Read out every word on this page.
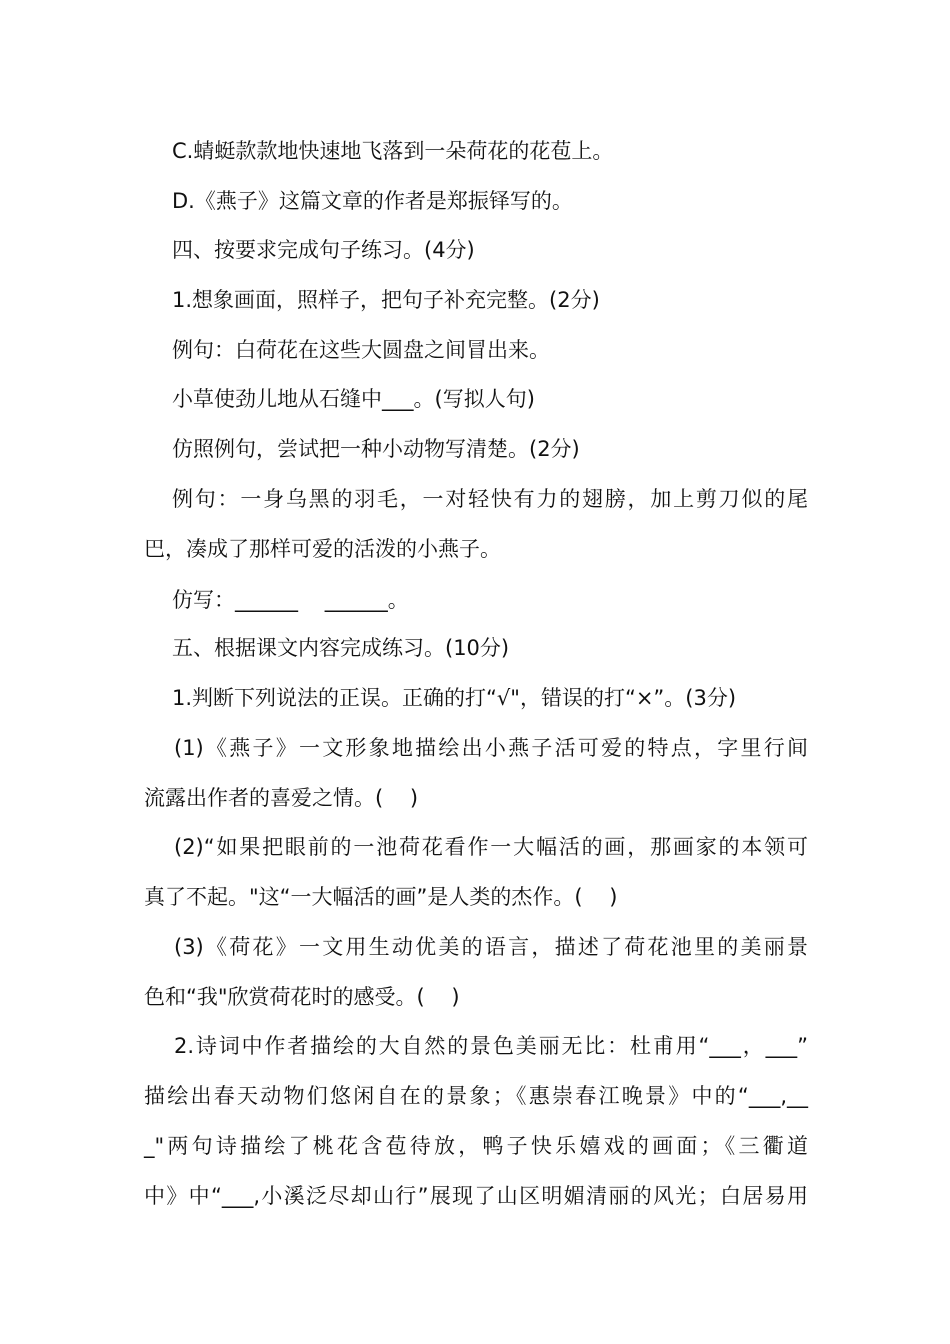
C.蜻蜓款款地快速地飞落到一朵荷花的花苞上。
D.《燕子》这篇文章的作者是郑振铎写的。
四、按要求完成句子练习。(4分)
1.想象画面，照样子，把句子补充完整。(2分)
例句：白荷花在这些大圆盘之间冒出来。
小草使劲儿地从石缝中___。(写拟人句)
仿照例句，尝试把一种小动物写清楚。(2分)
例句：一身乌黑的羽毛，一对轻快有力的翅膀，加上剪刀似的尾
巴，凑成了那样可爱的活泼的小燕子。
仿写：______    ______。
五、根据课文内容完成练习。(10分)
1.判断下列说法的正误。正确的打“√"，错误的打“×”。(3分)
(1)《燕子》一文形象地描绘出小燕子活可爱的特点，字里行间
流露出作者的喜爱之情。(    )
(2)“如果把眼前的一池荷花看作一大幅活的画，那画家的本领可
真了不起。"这“一大幅活的画”是人类的杰作。(    )
(3)《荷花》一文用生动优美的语言，描述了荷花池里的美丽景
色和“我"欣赏荷花时的感受。(    )
2.诗词中作者描绘的大自然的景色美丽无比：杜甫用“___，___”
描绘出春天动物们悠闲自在的景象；《惠崇春江晚景》中的“___,__
_"两句诗描绘了桃花含苞待放，鸭子快乐嬉戏的画面；《三衢道
中》中“___,小溪泛尽却山行”展现了山区明媚清丽的风光；白居易用
